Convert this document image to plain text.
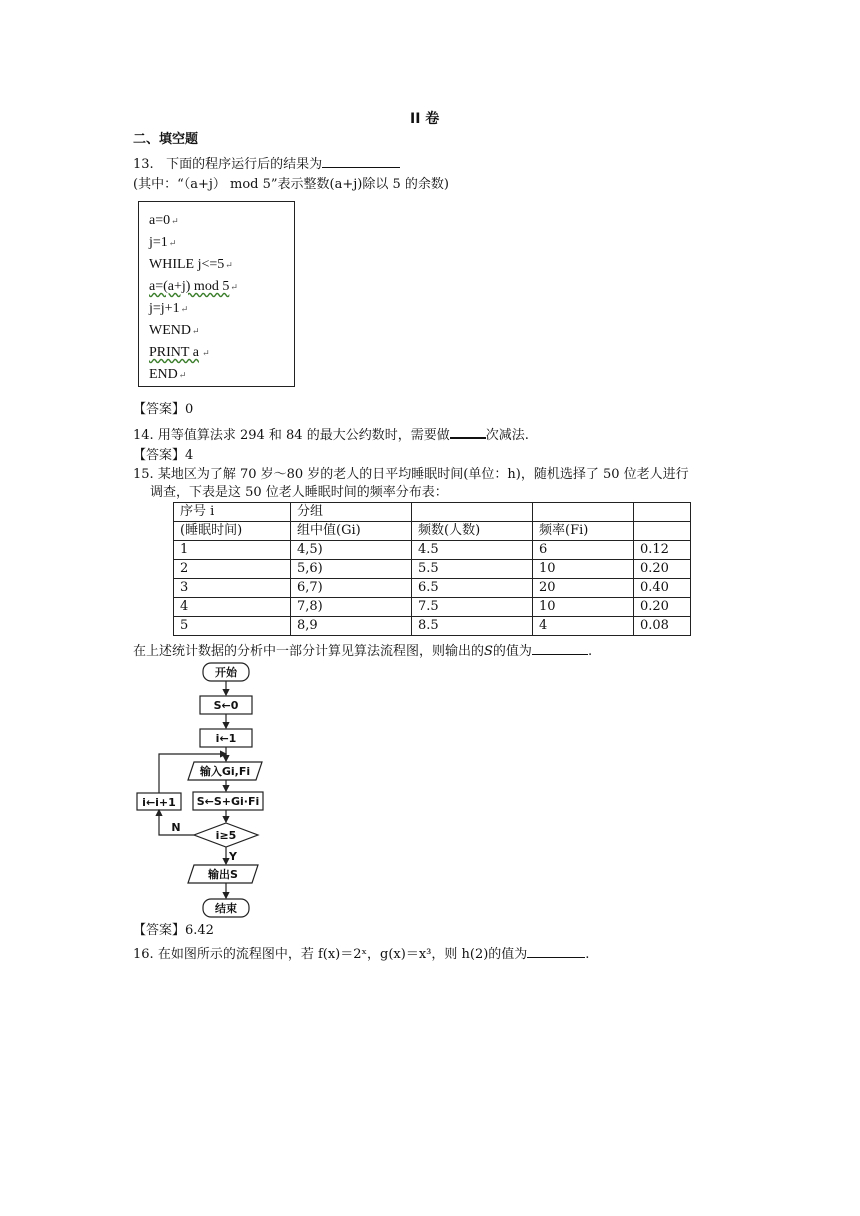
II 卷
二、填空题
13. 下面的程序运行后的结果为
(其中：“（a+j） mod 5”表示整数(a+j)除以 5 的余数)
a=0↵
j=1↵
WHILE j<=5↵
a=(a+j) mod 5↵
j=j+1↵
WEND↵
PRINT a ↵
END↵
【答案】0
14. 用等值算法求 294 和 84 的最大公约数时，需要做	次减法.
【答案】4
15. 某地区为了解 70 岁～80 岁的老人的日平均睡眠时间(单位：h)，随机选择了 50 位老人进行
调查，下表是这 50 位老人睡眠时间的频率分布表：
序号 i	分组			
(睡眠时间)	组中值(Gi)	频数(人数)	频率(Fi)	
1	4,5)	4.5	6	0.12
2	5,6)	5.5	10	0.20
3	6,7)	6.5	20	0.40
4	7,8)	7.5	10	0.20
5	8,9	8.5	4	0.08
在上述统计数据的分析中一部分计算见算法流程图，则输出的S的值为	.
开始
S←0
i←1
输入Gi,Fi
S←S+Gi·Fi
i≥5
N
Y
输出S
结束
i←i+1
【答案】6.42
16. 在如图所示的流程图中，若 f(x)＝2ˣ，g(x)＝x³，则 h(2)的值为	.
